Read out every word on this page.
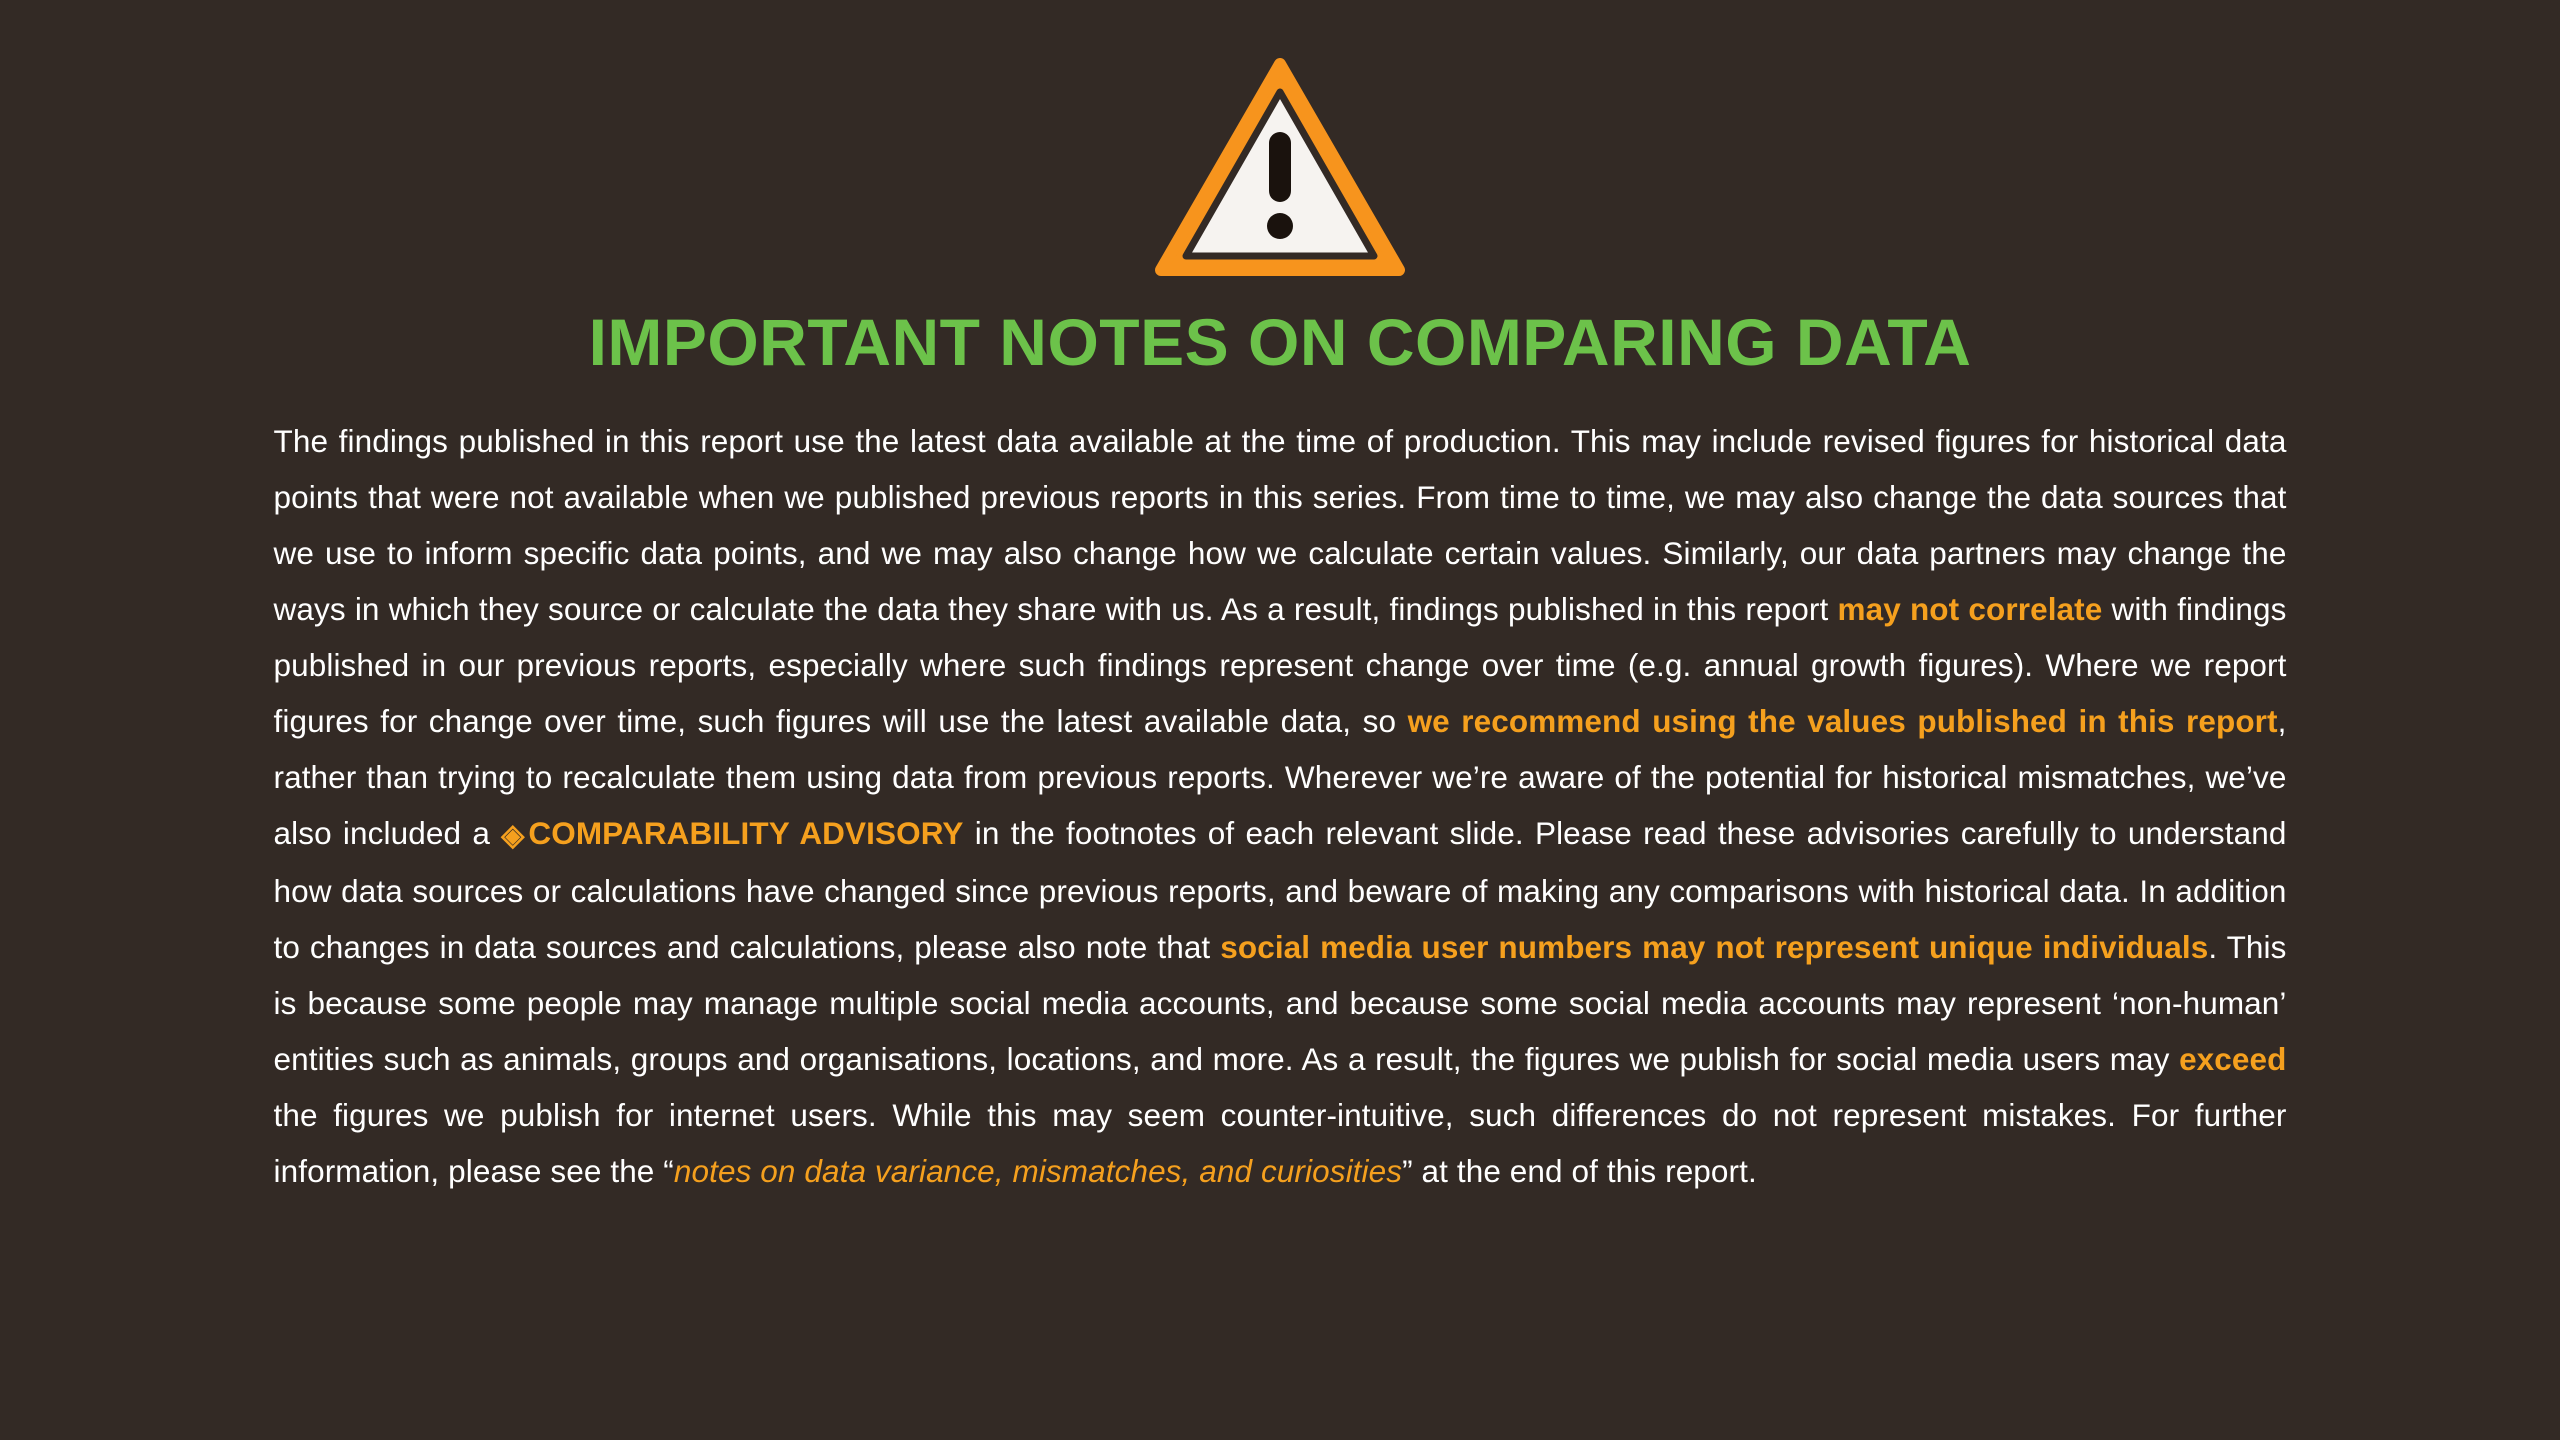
IMPORTANT NOTES ON COMPARING DATA

The findings published in this report use the latest data available at the time of production. This may include revised figures for historical data points that were not available when we published previous reports in this series. From time to time, we may also change the data sources that we use to inform specific data points, and we may also change how we calculate certain values. Similarly, our data partners may change the ways in which they source or calculate the data they share with us. As a result, findings published in this report may not correlate with findings published in our previous reports, especially where such findings represent change over time (e.g. annual growth figures). Where we report figures for change over time, such figures will use the latest available data, so we recommend using the values published in this report, rather than trying to recalculate them using data from previous reports. Wherever we’re aware of the potential for historical mismatches, we’ve also included a ◈ COMPARABILITY ADVISORY in the footnotes of each relevant slide. Please read these advisories carefully to understand how data sources or calculations have changed since previous reports, and beware of making any comparisons with historical data. In addition to changes in data sources and calculations, please also note that social media user numbers may not represent unique individuals. This is because some people may manage multiple social media accounts, and because some social media accounts may represent ‘non-human’ entities such as animals, groups and organisations, locations, and more. As a result, the figures we publish for social media users may exceed the figures we publish for internet users. While this may seem counter-intuitive, such differences do not represent mistakes. For further information, please see the “notes on data variance, mismatches, and curiosities” at the end of this report.
